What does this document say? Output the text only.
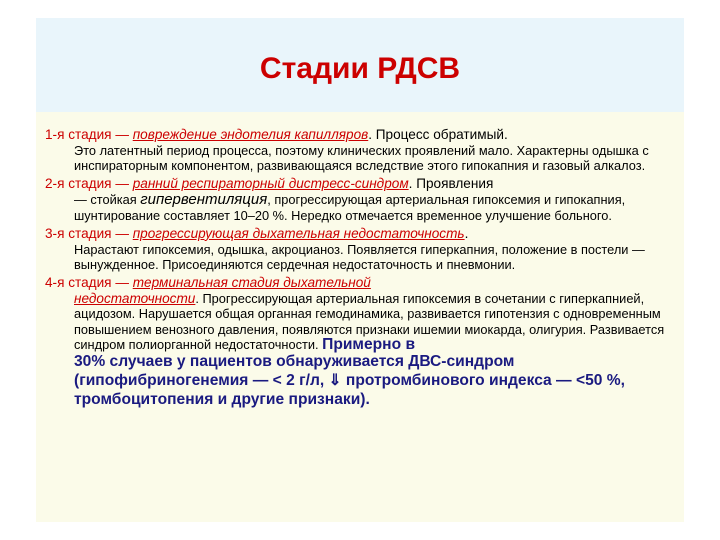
Стадии РДСВ

1-я стадия — повреждение эндотелия капилляров. Процесс обратимый.

Это латентный период процесса, поэтому клинических проявлений мало. Характерны одышка с инспираторным компонентом, развивающаяся вследствие этого гипокапния и газовый алкалоз.

2-я стадия — ранний респираторный дистресс-синдром. Проявления

— стойкая гипервентиляция, прогрессирующая артериальная гипоксемия и гипокапния, шунтирование составляет 10–20 %. Нередко отмечается временное улучшение больного.

3-я стадия — прогрессирующая дыхательная недостаточность.

Нарастают гипоксемия, одышка, акроцианоз. Появляется гиперкапния, положение в постели — вынужденное. Присоединяются сердечная недостаточность и пневмонии.

4-я стадия — терминальная стадия дыхательной

недостаточности. Прогрессирующая артериальная гипоксемия в сочетании с гиперкапнией, ацидозом. Нарушается общая органная гемодинамика, развивается гипотензия с одновременным повышением венозного давления, появляются признаки ишемии миокарда, олигурия. Развивается синдром полиорганной недостаточности. Примерно в

30% случаев у пациентов обнаруживается ДВС-синдром (гипофибриногенемия — < 2 г/л, ⇓ протромбинового индекса — <50 %, тромбоцитопения и другие признаки).
